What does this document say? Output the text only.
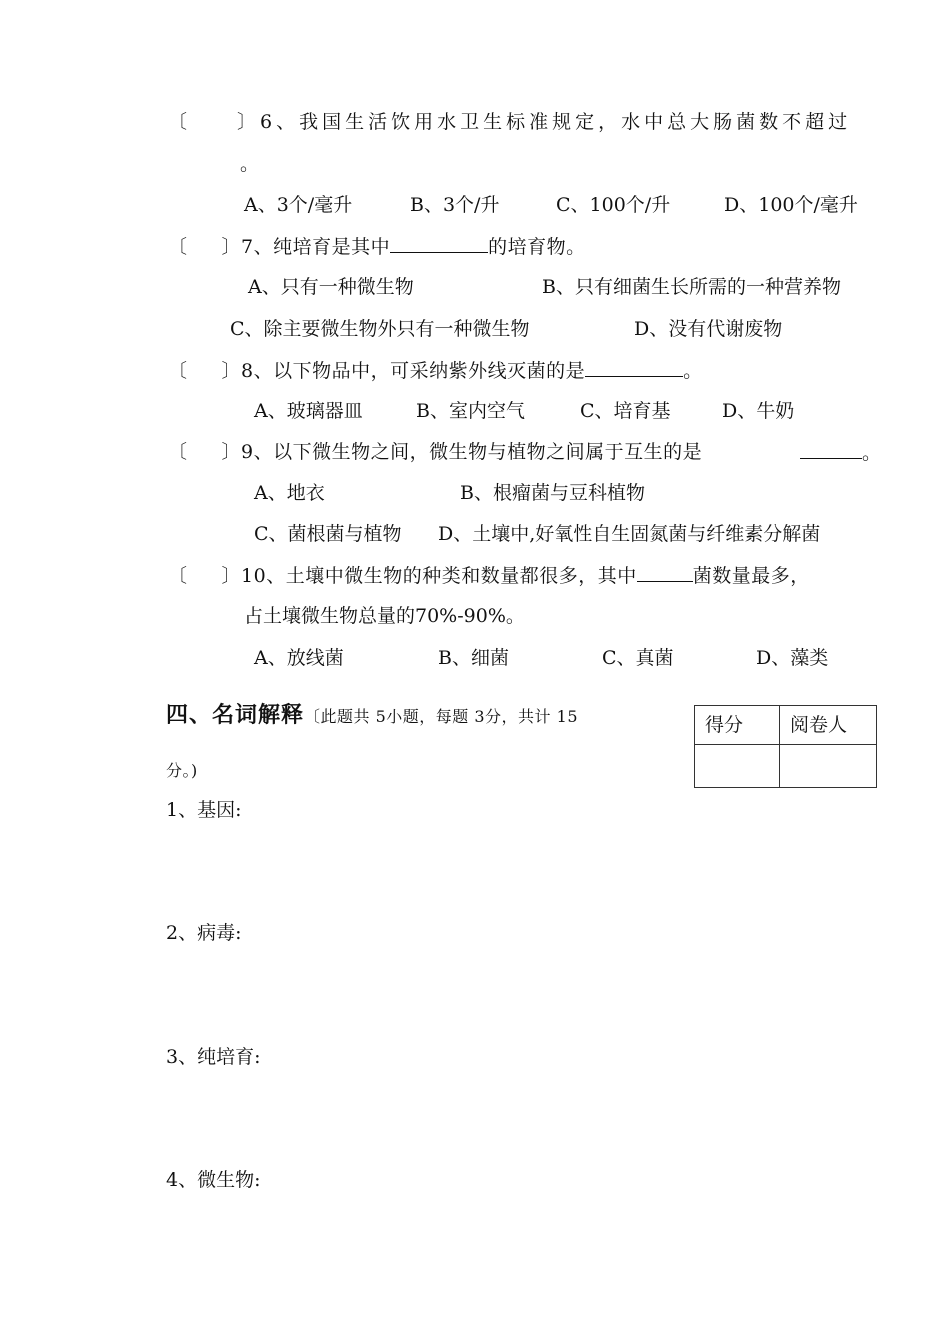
〔 〕6、我国生活饮用水卫生标准规定，水中总大肠菌数不超过
。
A、3个/毫升	B、3个/升	C、100个/升	D、100个/毫升
〔 〕7、纯培育是其中	的培育物。
A、只有一种微生物	B、只有细菌生长所需的一种营养物
C、除主要微生物外只有一种微生物	D、没有代谢废物
〔 〕8、以下物品中，可采纳紫外线灭菌的是	。
A、玻璃器皿	B、室内空气	C、培育基	D、牛奶
〔 〕9、以下微生物之间，微生物与植物之间属于互生的是	。
A、地衣	B、根瘤菌与豆科植物
C、菌根菌与植物 D、土壤中,好氧性自生固氮菌与纤维素分解菌
〔 〕10、土壤中微生物的种类和数量都很多，其中	菌数量最多，
占土壤微生物总量的70%-90%。
A、放线菌	B、细菌	C、真菌	D、藻类
四、名词解释〔此题共 5小题，每题 3分，共计 15
分。)
得分	阅卷人

1、基因:
2、病毒:
3、纯培育:
4、微生物:
